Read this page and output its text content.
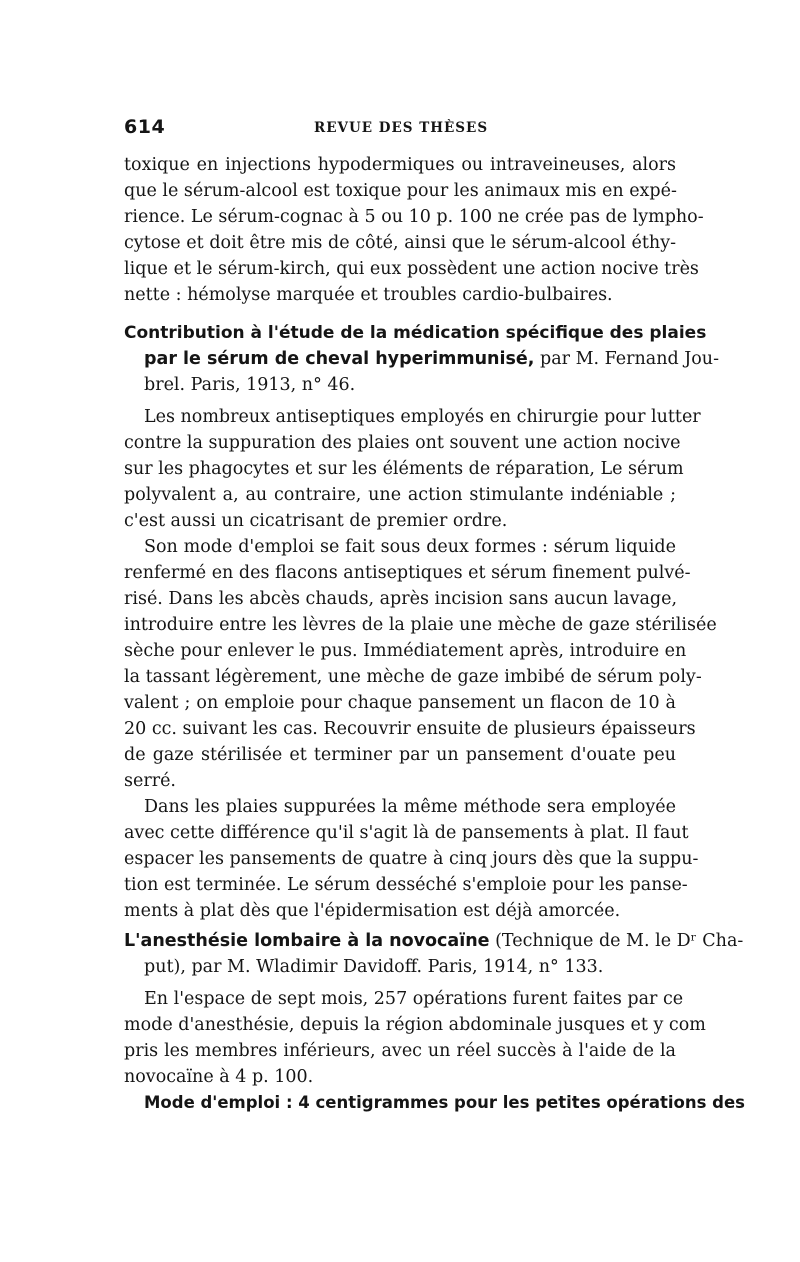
614	REVUE DES THÈSES
toxique en injections hypodermiques ou intraveineuses, alors
que le sérum-alcool est toxique pour les animaux mis en expé-
rience. Le sérum-cognac à 5 ou 10 p. 100 ne crée pas de lympho-
cytose et doit être mis de côté, ainsi que le sérum-alcool éthy-
lique et le sérum-kirch, qui eux possèdent une action nocive très
nette : hémolyse marquée et troubles cardio-bulbaires.
Contribution à l'étude de la médication spécifique des plaies
par le sérum de cheval hyperimmunisé, par M. Fernand Jou-
brel. Paris, 1913, n° 46.
Les nombreux antiseptiques employés en chirurgie pour lutter
contre la suppuration des plaies ont souvent une action nocive
sur les phagocytes et sur les éléments de réparation, Le sérum
polyvalent a, au contraire, une action stimulante indéniable ;
c'est aussi un cicatrisant de premier ordre.
Son mode d'emploi se fait sous deux formes : sérum liquide
renfermé en des flacons antiseptiques et sérum finement pulvé-
risé. Dans les abcès chauds, après incision sans aucun lavage,
introduire entre les lèvres de la plaie une mèche de gaze stérilisée
sèche pour enlever le pus. Immédiatement après, introduire en
la tassant légèrement, une mèche de gaze imbibé de sérum poly-
valent ; on emploie pour chaque pansement un flacon de 10 à
20 cc. suivant les cas. Recouvrir ensuite de plusieurs épaisseurs
de gaze stérilisée et terminer par un pansement d'ouate peu
serré.
Dans les plaies suppurées la même méthode sera employée
avec cette différence qu'il s'agit là de pansements à plat. Il faut
espacer les pansements de quatre à cinq jours dès que la suppu-
tion est terminée. Le sérum desséché s'emploie pour les panse-
ments à plat dès que l'épidermisation est déjà amorcée.
L'anesthésie lombaire à la novocaïne (Technique de M. le Dʳ Cha-
put), par M. Wladimir Davidoff. Paris, 1914, n° 133.
En l'espace de sept mois, 257 opérations furent faites par ce
mode d'anesthésie, depuis la région abdominale jusques et y com
pris les membres inférieurs, avec un réel succès à l'aide de la
novocaïne à 4 p. 100.
Mode d'emploi : 4 centigrammes pour les petites opérations des
